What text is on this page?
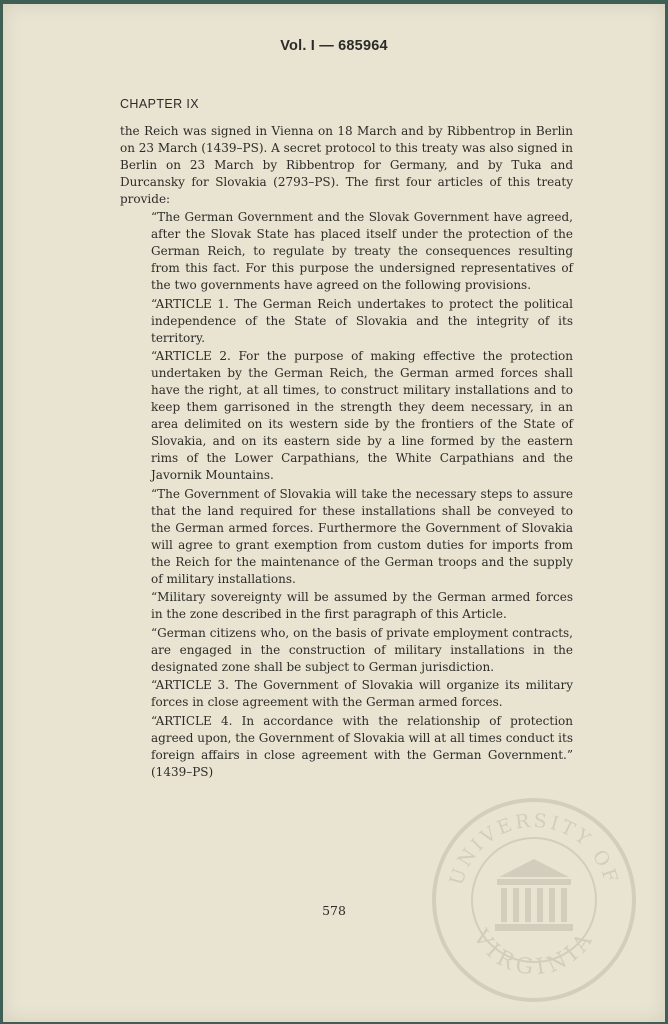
Vol. I — 685964
CHAPTER IX

the Reich was signed in Vienna on 18 March and by Ribbentrop in Berlin on 23 March (1439–PS). A secret protocol to this treaty was also signed in Berlin on 23 March by Ribbentrop for Germany, and by Tuka and Durcansky for Slovakia (2793–PS). The first four articles of this treaty provide:

“The German Government and the Slovak Government have agreed, after the Slovak State has placed itself under the protection of the German Reich, to regulate by treaty the consequences resulting from this fact. For this purpose the undersigned representatives of the two governments have agreed on the following provisions.

“ARTICLE 1. The German Reich undertakes to protect the political independence of the State of Slovakia and the integrity of its territory.

“ARTICLE 2. For the purpose of making effective the protection undertaken by the German Reich, the German armed forces shall have the right, at all times, to construct military installations and to keep them garrisoned in the strength they deem necessary, in an area delimited on its western side by the frontiers of the State of Slovakia, and on its eastern side by a line formed by the eastern rims of the Lower Carpathians, the White Carpathians and the Javornik Mountains.

“The Government of Slovakia will take the necessary steps to assure that the land required for these installations shall be conveyed to the German armed forces. Furthermore the Government of Slovakia will agree to grant exemption from custom duties for imports from the Reich for the maintenance of the German troops and the supply of military installations.

“Military sovereignty will be assumed by the German armed forces in the zone described in the first paragraph of this Article.

“German citizens who, on the basis of private employment contracts, are engaged in the construction of military installations in the designated zone shall be subject to German jurisdiction.

“ARTICLE 3. The Government of Slovakia will organize its military forces in close agreement with the German armed forces.

“ARTICLE 4. In accordance with the relationship of protection agreed upon, the Government of Slovakia will at all times conduct its foreign affairs in close agreement with the German Government.” (1439–PS)

578
UNIVERSITY OF
VIRGINIA
